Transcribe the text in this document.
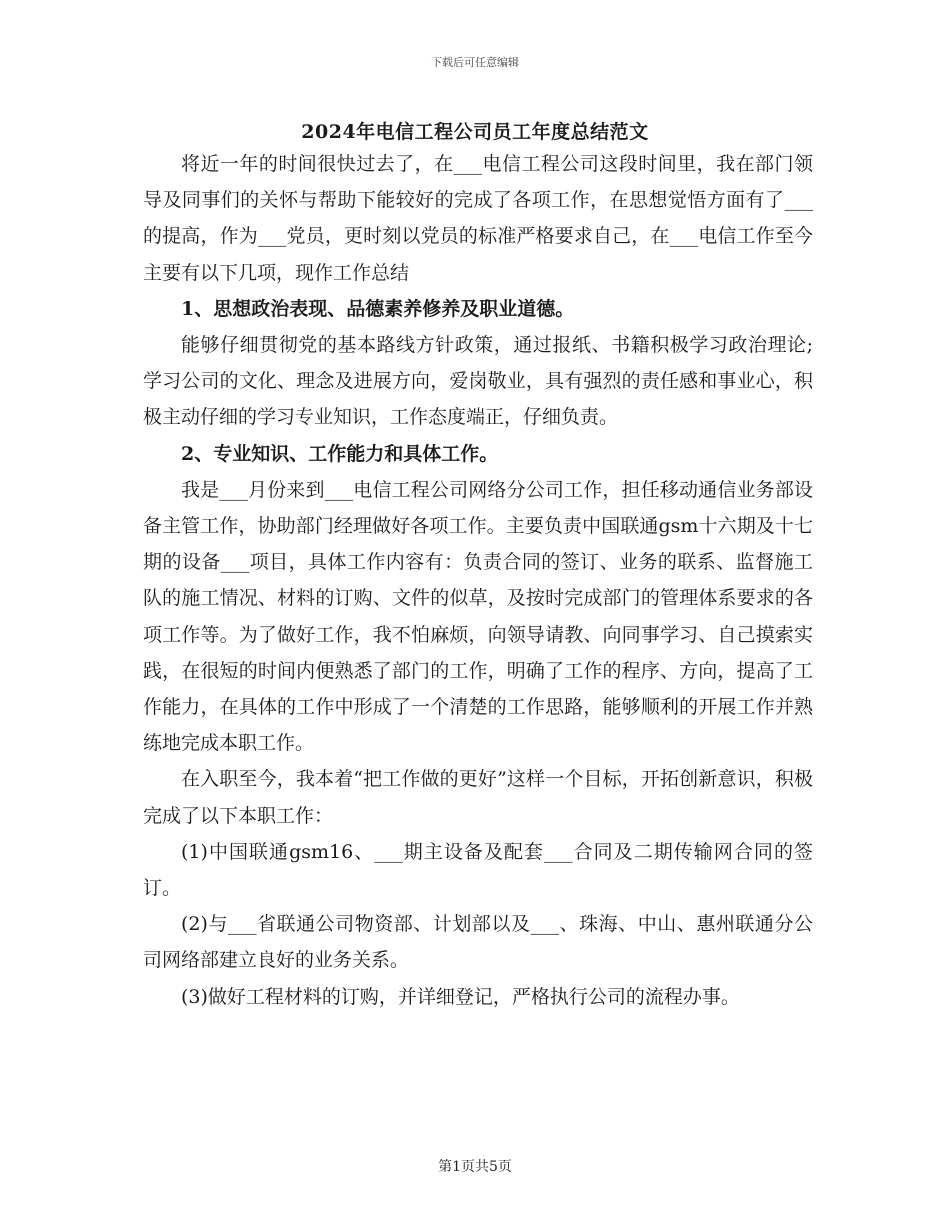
下载后可任意编辑
2024年电信工程公司员工年度总结范文

将近一年的时间很快过去了，在___电信工程公司这段时间里，我在部门领导及同事们的关怀与帮助下能较好的完成了各项工作，在思想觉悟方面有了___的提高，作为___党员，更时刻以党员的标准严格要求自己，在___电信工作至今主要有以下几项，现作工作总结

1、思想政治表现、品德素养修养及职业道德。

能够仔细贯彻党的基本路线方针政策，通过报纸、书籍积极学习政治理论;学习公司的文化、理念及进展方向，爱岗敬业，具有强烈的责任感和事业心，积极主动仔细的学习专业知识，工作态度端正，仔细负责。

2、专业知识、工作能力和具体工作。

我是___月份来到___电信工程公司网络分公司工作，担任移动通信业务部设备主管工作，协助部门经理做好各项工作。主要负责中国联通gsm十六期及十七期的设备___项目，具体工作内容有：负责合同的签订、业务的联系、监督施工队的施工情况、材料的订购、文件的似草，及按时完成部门的管理体系要求的各项工作等。为了做好工作，我不怕麻烦，向领导请教、向同事学习、自己摸索实践，在很短的时间内便熟悉了部门的工作，明确了工作的程序、方向，提高了工作能力，在具体的工作中形成了一个清楚的工作思路，能够顺利的开展工作并熟练地完成本职工作。

在入职至今，我本着“把工作做的更好”这样一个目标，开拓创新意识，积极完成了以下本职工作：

(1)中国联通gsm16、___期主设备及配套___合同及二期传输网合同的签订。

(2)与___省联通公司物资部、计划部以及___、珠海、中山、惠州联通分公司网络部建立良好的业务关系。

(3)做好工程材料的订购，并详细登记，严格执行公司的流程办事。

第1页共5页
